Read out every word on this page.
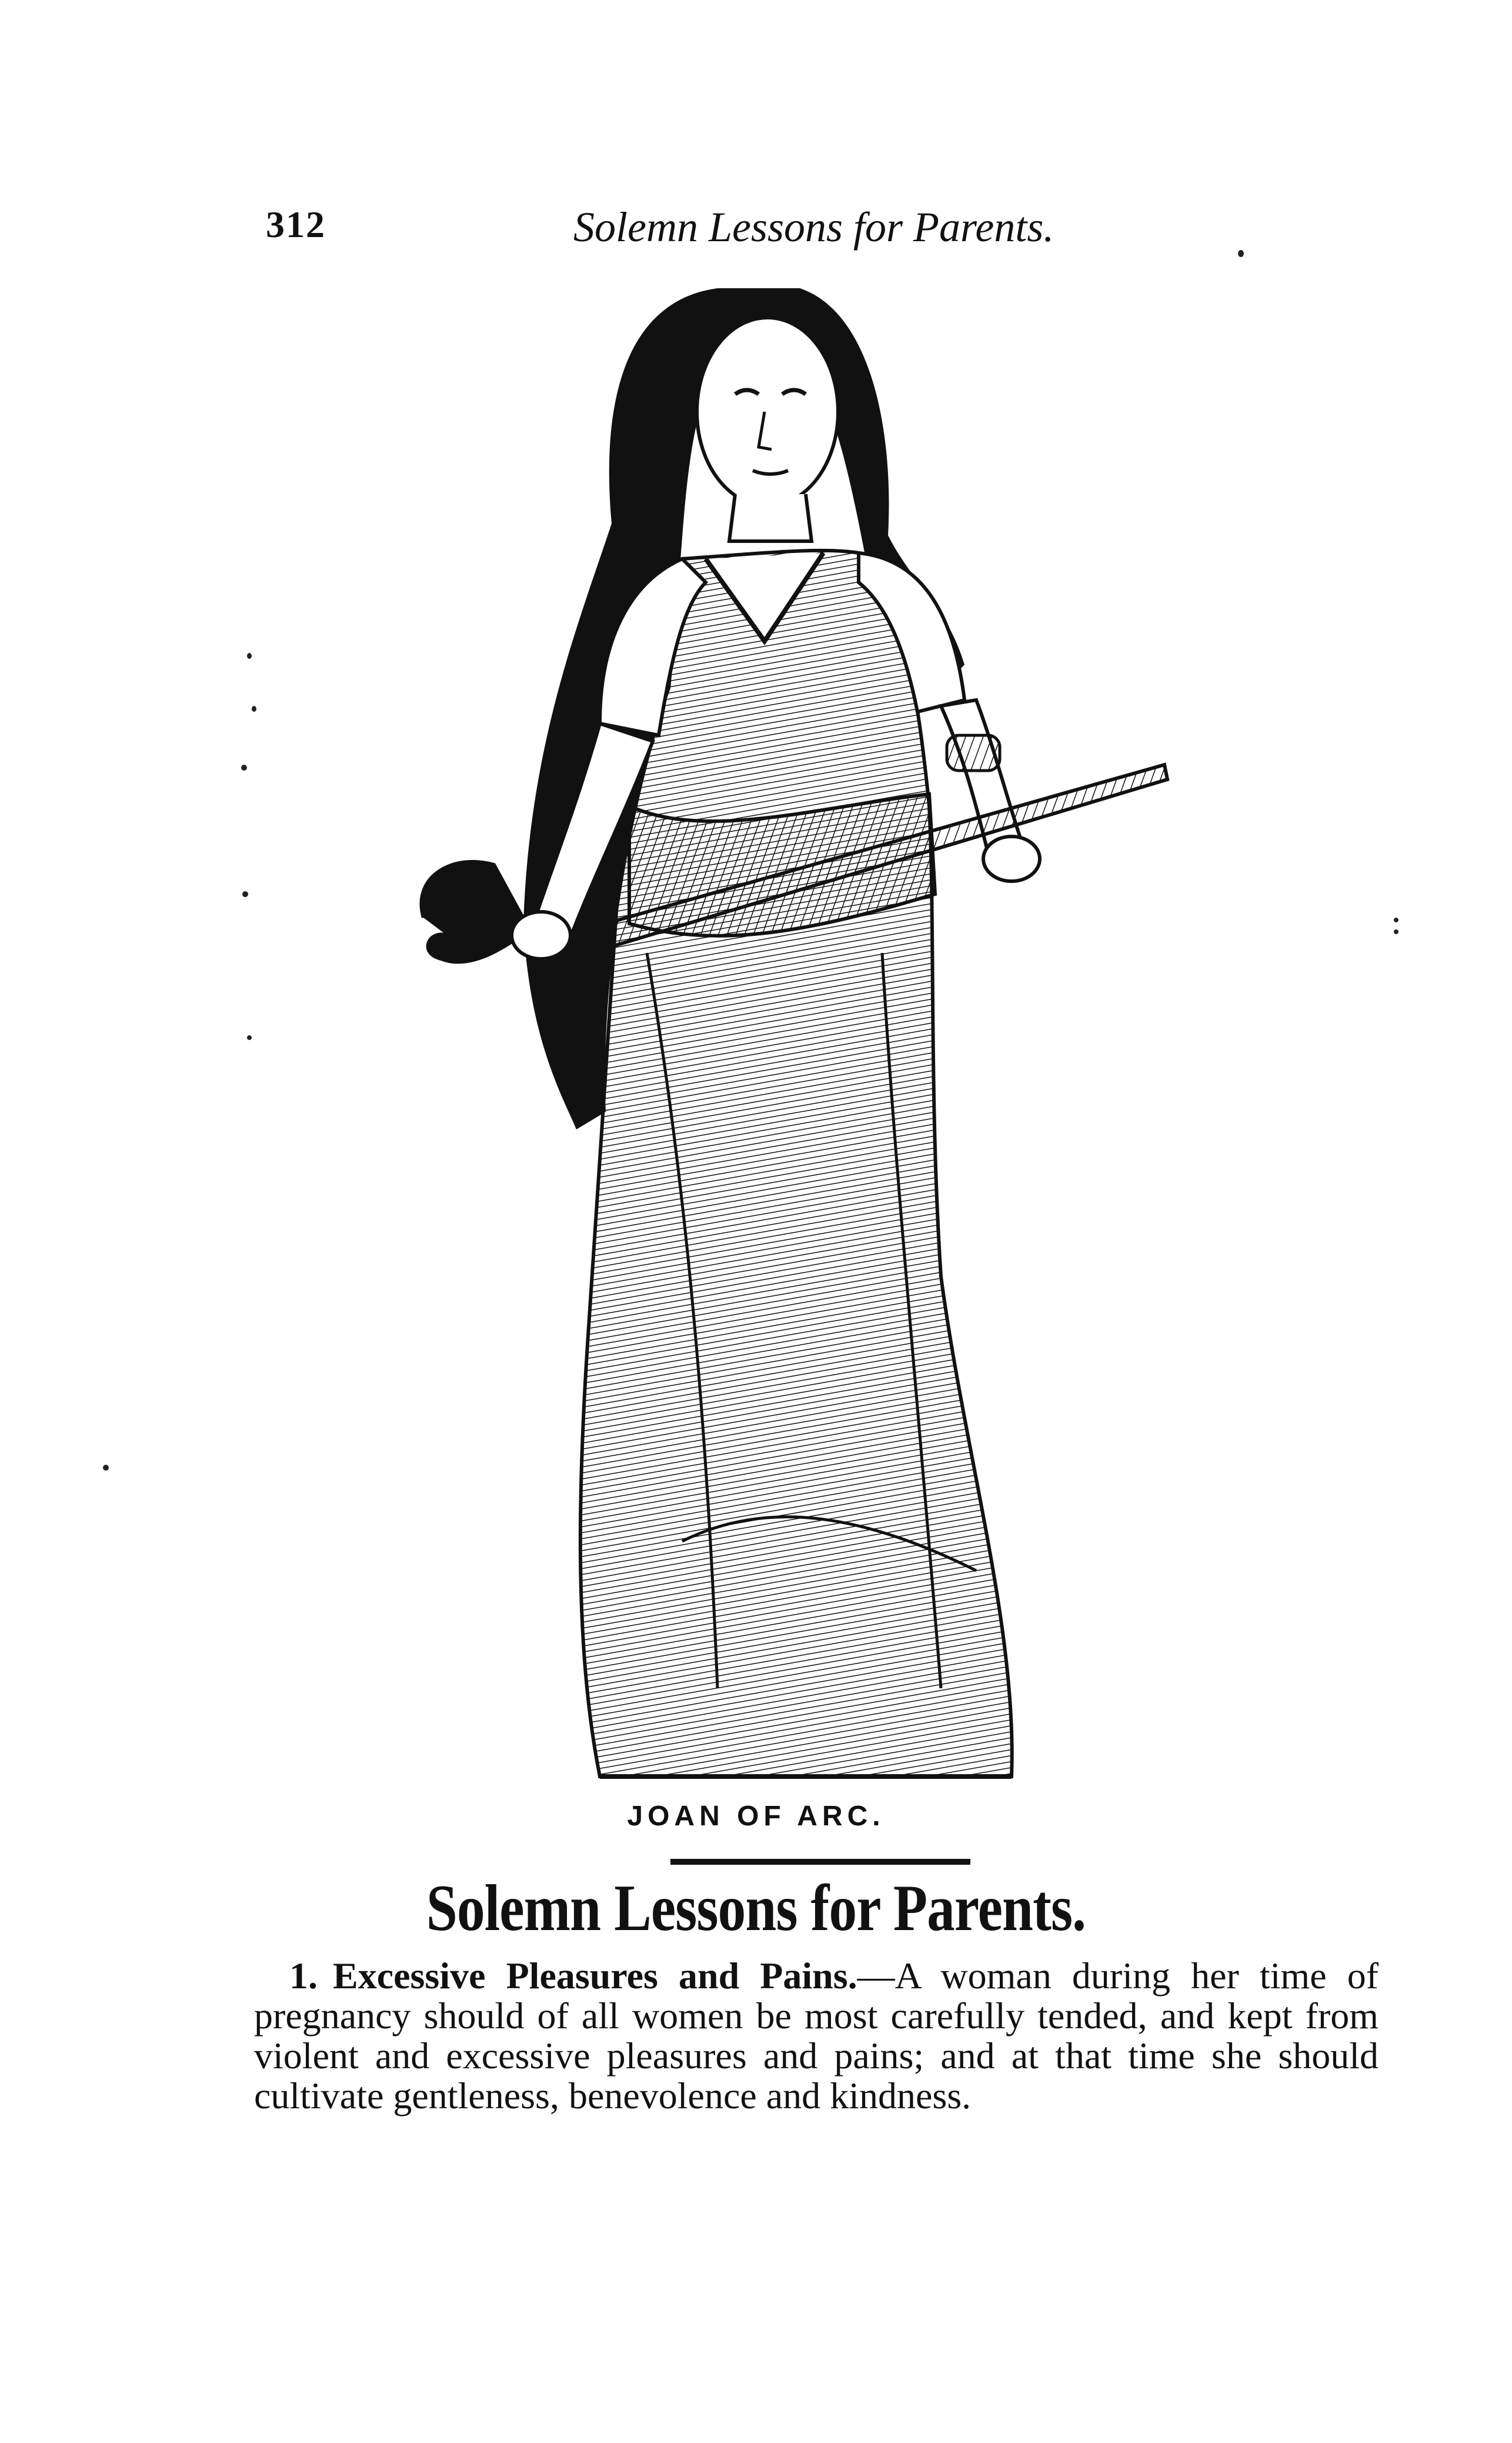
312	Solemn Lessons for Parents.
JOAN OF ARC.
Solemn Lessons for Parents.
1. Excessive Pleasures and Pains.—A woman during her time of pregnancy should of all women be most carefully tended, and kept from violent and excessive pleasures and pains; and at that time she should cultivate gentleness, benevolence and kindness.
